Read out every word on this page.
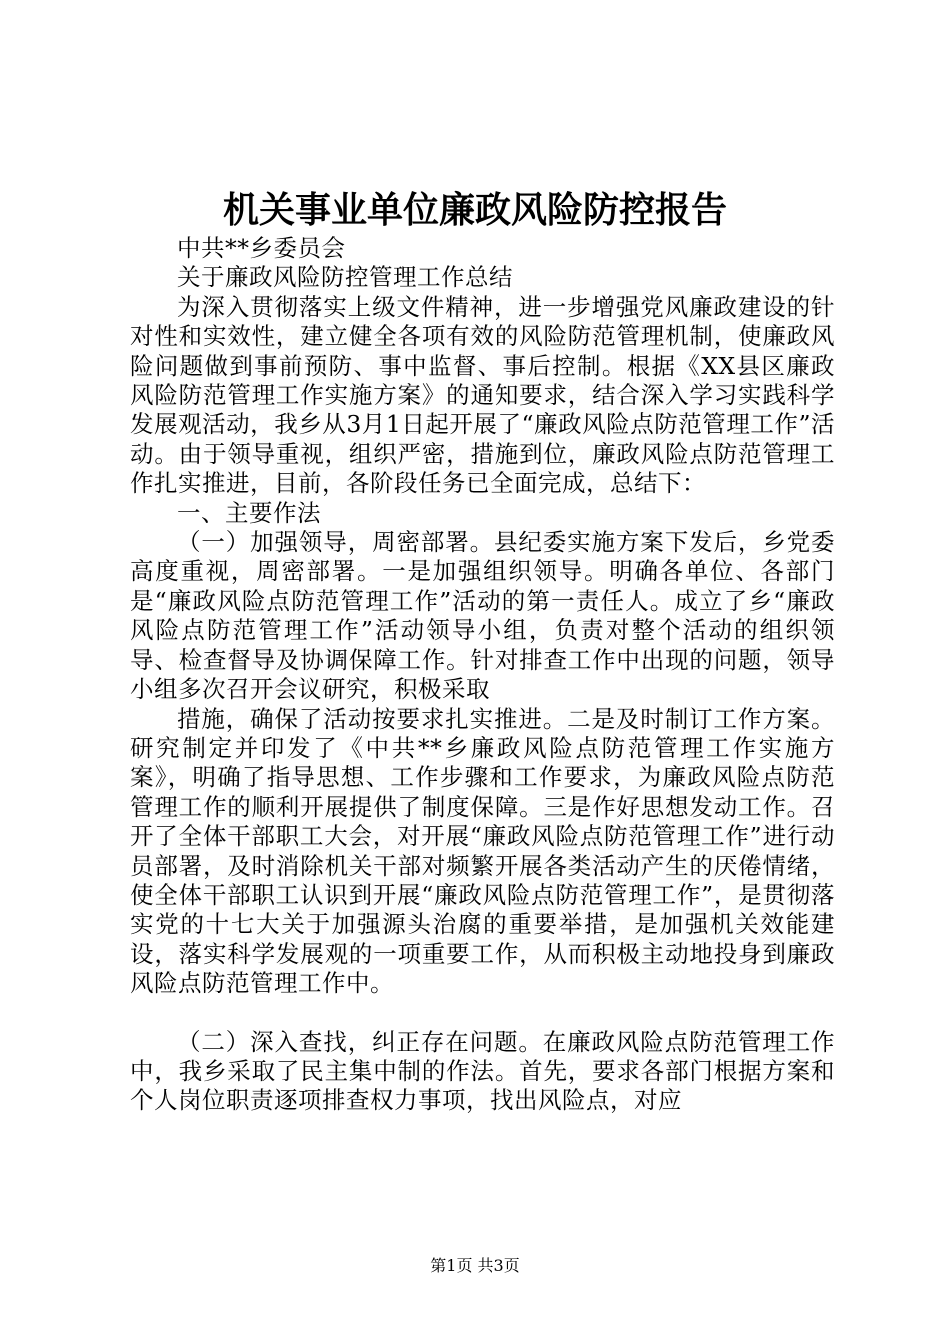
机关事业单位廉政风险防控报告

中共**乡委员会

关于廉政风险防控管理工作总结

为深入贯彻落实上级文件精神，进一步增强党风廉政建设的针对性和实效性，建立健全各项有效的风险防范管理机制，使廉政风险问题做到事前预防、事中监督、事后控制。根据《XX县区廉政风险防范管理工作实施方案》的通知要求，结合深入学习实践科学发展观活动，我乡从3月1日起开展了“廉政风险点防范管理工作”活动。由于领导重视，组织严密，措施到位，廉政风险点防范管理工作扎实推进，目前，各阶段任务已全面完成，总结下：

一、主要作法

（一）加强领导，周密部署。县纪委实施方案下发后，乡党委高度重视，周密部署。一是加强组织领导。明确各单位、各部门是“廉政风险点防范管理工作”活动的第一责任人。成立了乡“廉政风险点防范管理工作”活动领导小组，负责对整个活动的组织领导、检查督导及协调保障工作。针对排查工作中出现的问题，领导小组多次召开会议研究，积极采取

措施，确保了活动按要求扎实推进。二是及时制订工作方案。研究制定并印发了《中共**乡廉政风险点防范管理工作实施方案》，明确了指导思想、工作步骤和工作要求，为廉政风险点防范管理工作的顺利开展提供了制度保障。三是作好思想发动工作。召开了全体干部职工大会，对开展“廉政风险点防范管理工作”进行动员部署，及时消除机关干部对频繁开展各类活动产生的厌倦情绪，使全体干部职工认识到开展“廉政风险点防范管理工作”，是贯彻落实党的十七大关于加强源头治腐的重要举措，是加强机关效能建设，落实科学发展观的一项重要工作，从而积极主动地投身到廉政风险点防范管理工作中。

（二）深入查找，纠正存在问题。在廉政风险点防范管理工作中，我乡采取了民主集中制的作法。首先，要求各部门根据方案和个人岗位职责逐项排查权力事项，找出风险点，对应

第1页 共3页
